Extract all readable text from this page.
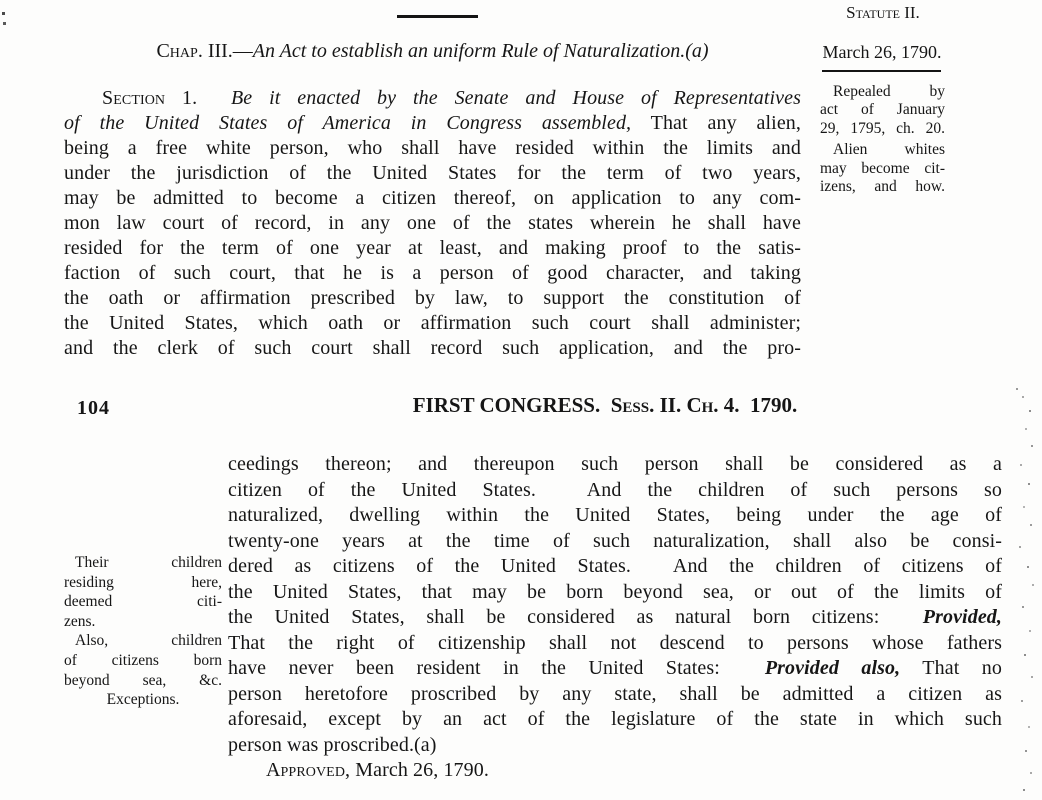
Statute II.
Chap. III.—An Act to establish an uniform Rule of Naturalization.(a)	March 26, 1790.
Repealed by
act of January
29, 1795, ch. 20.
Alien whites
may become cit-
izens, and how.
Section 1. Be it enacted by the Senate and House of Representatives
of the United States of America in Congress assembled, That any alien,
being a free white person, who shall have resided within the limits and
under the jurisdiction of the United States for the term of two years,
may be admitted to become a citizen thereof, on application to any com-
mon law court of record, in any one of the states wherein he shall have
resided for the term of one year at least, and making proof to the satis-
faction of such court, that he is a person of good character, and taking
the oath or affirmation prescribed by law, to support the constitution of
the United States, which oath or affirmation such court shall administer;
and the clerk of such court shall record such application, and the pro-
104	FIRST CONGRESS.  Sess. II. Ch. 4.  1790.
ceedings thereon; and thereupon such person shall be considered as a
citizen of the United States.  And the children of such persons so
naturalized, dwelling within the United States, being under the age of
twenty-one years at the time of such naturalization, shall also be consi-
dered as citizens of the United States.  And the children of citizens of
the United States, that may be born beyond sea, or out of the limits of
the United States, shall be considered as natural born citizens:  Provided,
That the right of citizenship shall not descend to persons whose fathers
have never been resident in the United States:  Provided also, That no
person heretofore proscribed by any state, shall be admitted a citizen as
aforesaid, except by an act of the legislature of the state in which such
person was proscribed.(a)
Approved, March 26, 1790.
Their children
residing here,
deemed citi-
zens.
Also, children
of citizens born
beyond sea, &c.
Exceptions.
